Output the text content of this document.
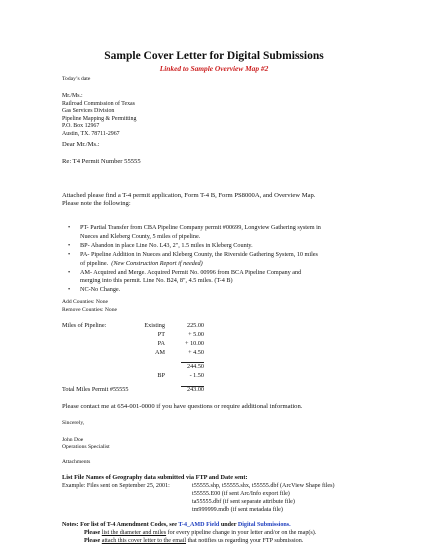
Sample Cover Letter for Digital Submissions
Linked to Sample Overview Map #2
Today’s date
Mr./Ms.:
Railroad Commission of Texas
Gas Services Division
Pipeline Mapping & Permitting
P.O. Box 12967
Austin, TX. 78711-2967
Dear Mr./Ms.:
Re: T4 Permit Number 55555
Attached please find a T-4 permit application, Form T-4 B, Form PS8000A, and Overview Map.
Please note the following:
• PT- Partial Transfer from CBA Pipeline Company permit #00699, Longview Gathering system in
Nueces and Kleberg County, 5 miles of pipeline.
• BP- Abandon in place Line No. L43, 2", 1.5 miles in Kleberg County.
• PA- Pipeline Addition in Nueces and Kleberg County, the Riverside Gathering System, 10 miles
of pipeline. (New Construction Report if needed)
• AM- Acquired and Merge. Acquired Permit No. 00996 from BCA Pipeline Company and
merging into this permit. Line No. B24, 8", 4.5 miles. (T-4 B)
• NC-No Change.
Add Counties: None
Remove Counties: None
Miles of Pipeline:	Existing	225.00
PT	+ 5.00
PA	+ 10.00
AM	+ 4.50
244.50
BP	- 1.50
Total Miles Permit #55555	243.00
Please contact me at 654-001-0000 if you have questions or require additional information.
Sincerely,
John Doe
Operations Specialist
Attachments
List File Names of Geography data submitted via FTP and Date sent:
Example: Files sent on September 25, 2001:	t55555.shp, t55555.shx, t55555.dbf (ArcView Shape files)
t55555.E00 (if sent Arc/Info export file)
ta55555.dbf (if sent separate attribute file)
tm999999.mdb (if sent metadata file)
Notes: For list of T-4 Amendment Codes, see T-4_AMD Field under Digital Submissions.
Please list the diameter and miles for every pipeline change in your letter and/or on the map(s).
Please attach this cover letter to the email that notifies us regarding your FTP submission.
